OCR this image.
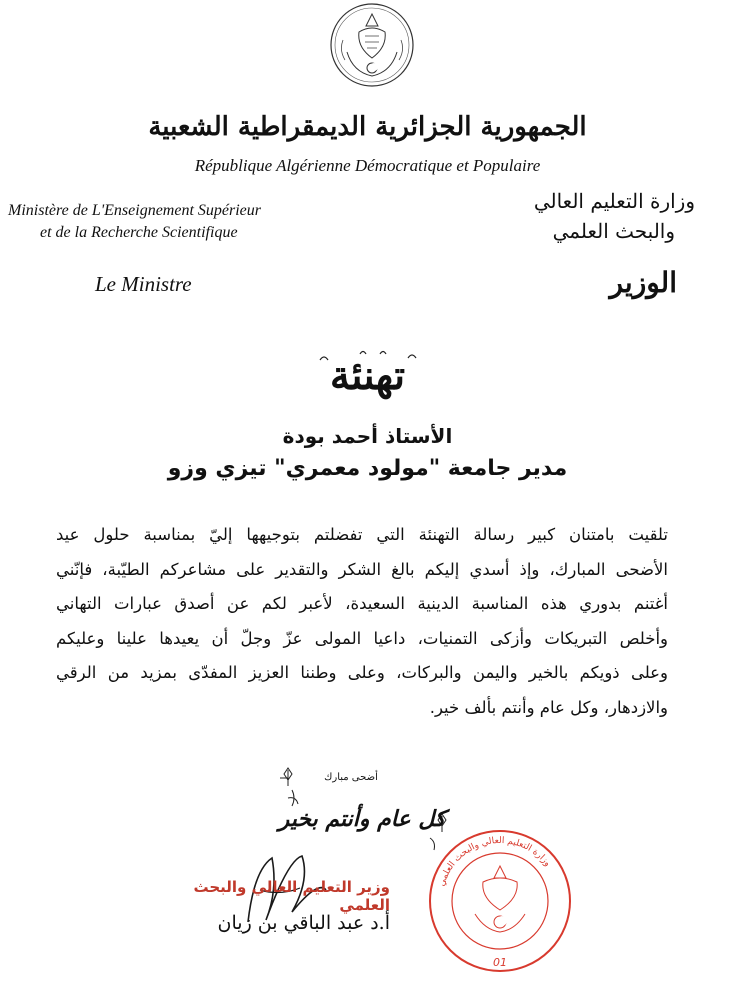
الجمهورية الجزائرية الديمقراطية الشعبية
République Algérienne Démocratique et Populaire
Ministère de L'Enseignement Supérieur
et de la Recherche Scientifique
وزارة التعليم العالي
والبحث العلمي
Le Ministre	الوزير
تهنئة
الأستاذ أحمد بودة
مدير جامعة "مولود معمري" تيزي وزو
تلقيت بامتنان كبير رسالة التهنئة التي تفضلتم بتوجيهها إليّ بمناسبة حلول عيد
الأضحى المبارك، وإذ أسدي إليكم بالغ الشكر والتقدير على مشاعركم الطيّبة، فإنّني
أغتنم بدوري هذه المناسبة الدينية السعيدة، لأعبر لكم عن أصدق عبارات التهاني
وأخلص التبريكات وأزكى التمنيات، داعيا المولى عزّ وجلّ أن يعيدها علينا وعليكم
وعلى ذويكم بالخير واليمن والبركات، وعلى وطننا العزيز المفدّى بمزيد من الرقي
والازدهار، وكل عام وأنتم بألف خير.
أضحى مبارك
كل عام وأنتم بخير
وزير التعليم العالي والبحث العلمي
أ.د عبد الباقي بن زيان
وزارة التعليم العالي والبحث العلمي
01
